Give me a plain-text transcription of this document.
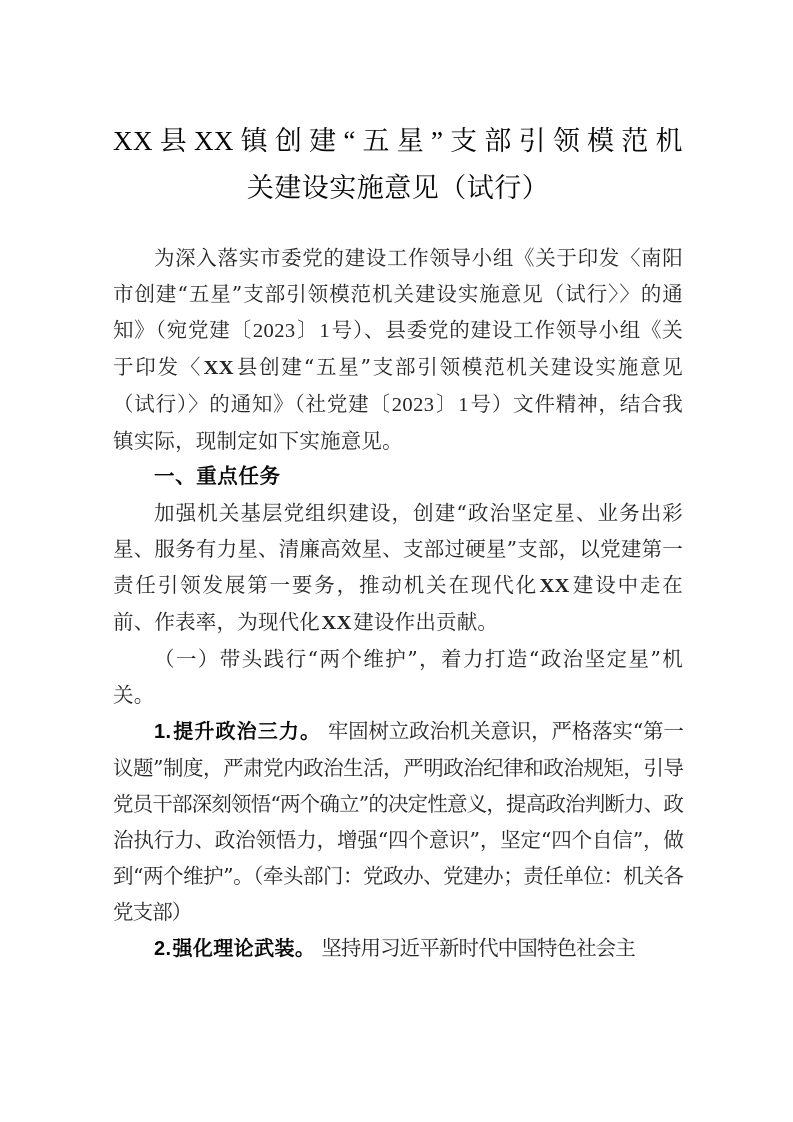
XX县XX镇创建“五星”支部引领模范机
关建设实施意见（试行）

为深入落实市委党的建设工作领导小组《关于印发〈南阳市创建“五星”支部引领模范机关建设实施意见（试行〉〉的通知》（宛党建〔2023〕1号）、县委党的建设工作领导小组《关于印发〈XX县创建“五星”支部引领模范机关建设实施意见（试行）〉的通知》（社党建〔2023〕1号）文件精神，结合我镇实际，现制定如下实施意见。

一、重点任务

加强机关基层党组织建设，创建“政治坚定星、业务出彩星、服务有力星、清廉高效星、支部过硬星”支部，以党建第一责任引领发展第一要务，推动机关在现代化XX建设中走在前、作表率，为现代化XX建设作出贡献。

（一）带头践行“两个维护”，着力打造“政治坚定星”机关。

1.提升政治三力。 牢固树立政治机关意识，严格落实“第一议题”制度，严肃党内政治生活，严明政治纪律和政治规矩，引导党员干部深刻领悟“两个确立”的决定性意义，提高政治判断力、政治执行力、政治领悟力，增强“四个意识”，坚定“四个自信”，做到“两个维护”。（牵头部门：党政办、党建办；责任单位：机关各党支部）

2.强化理论武装。 坚持用习近平新时代中国特色社会主
